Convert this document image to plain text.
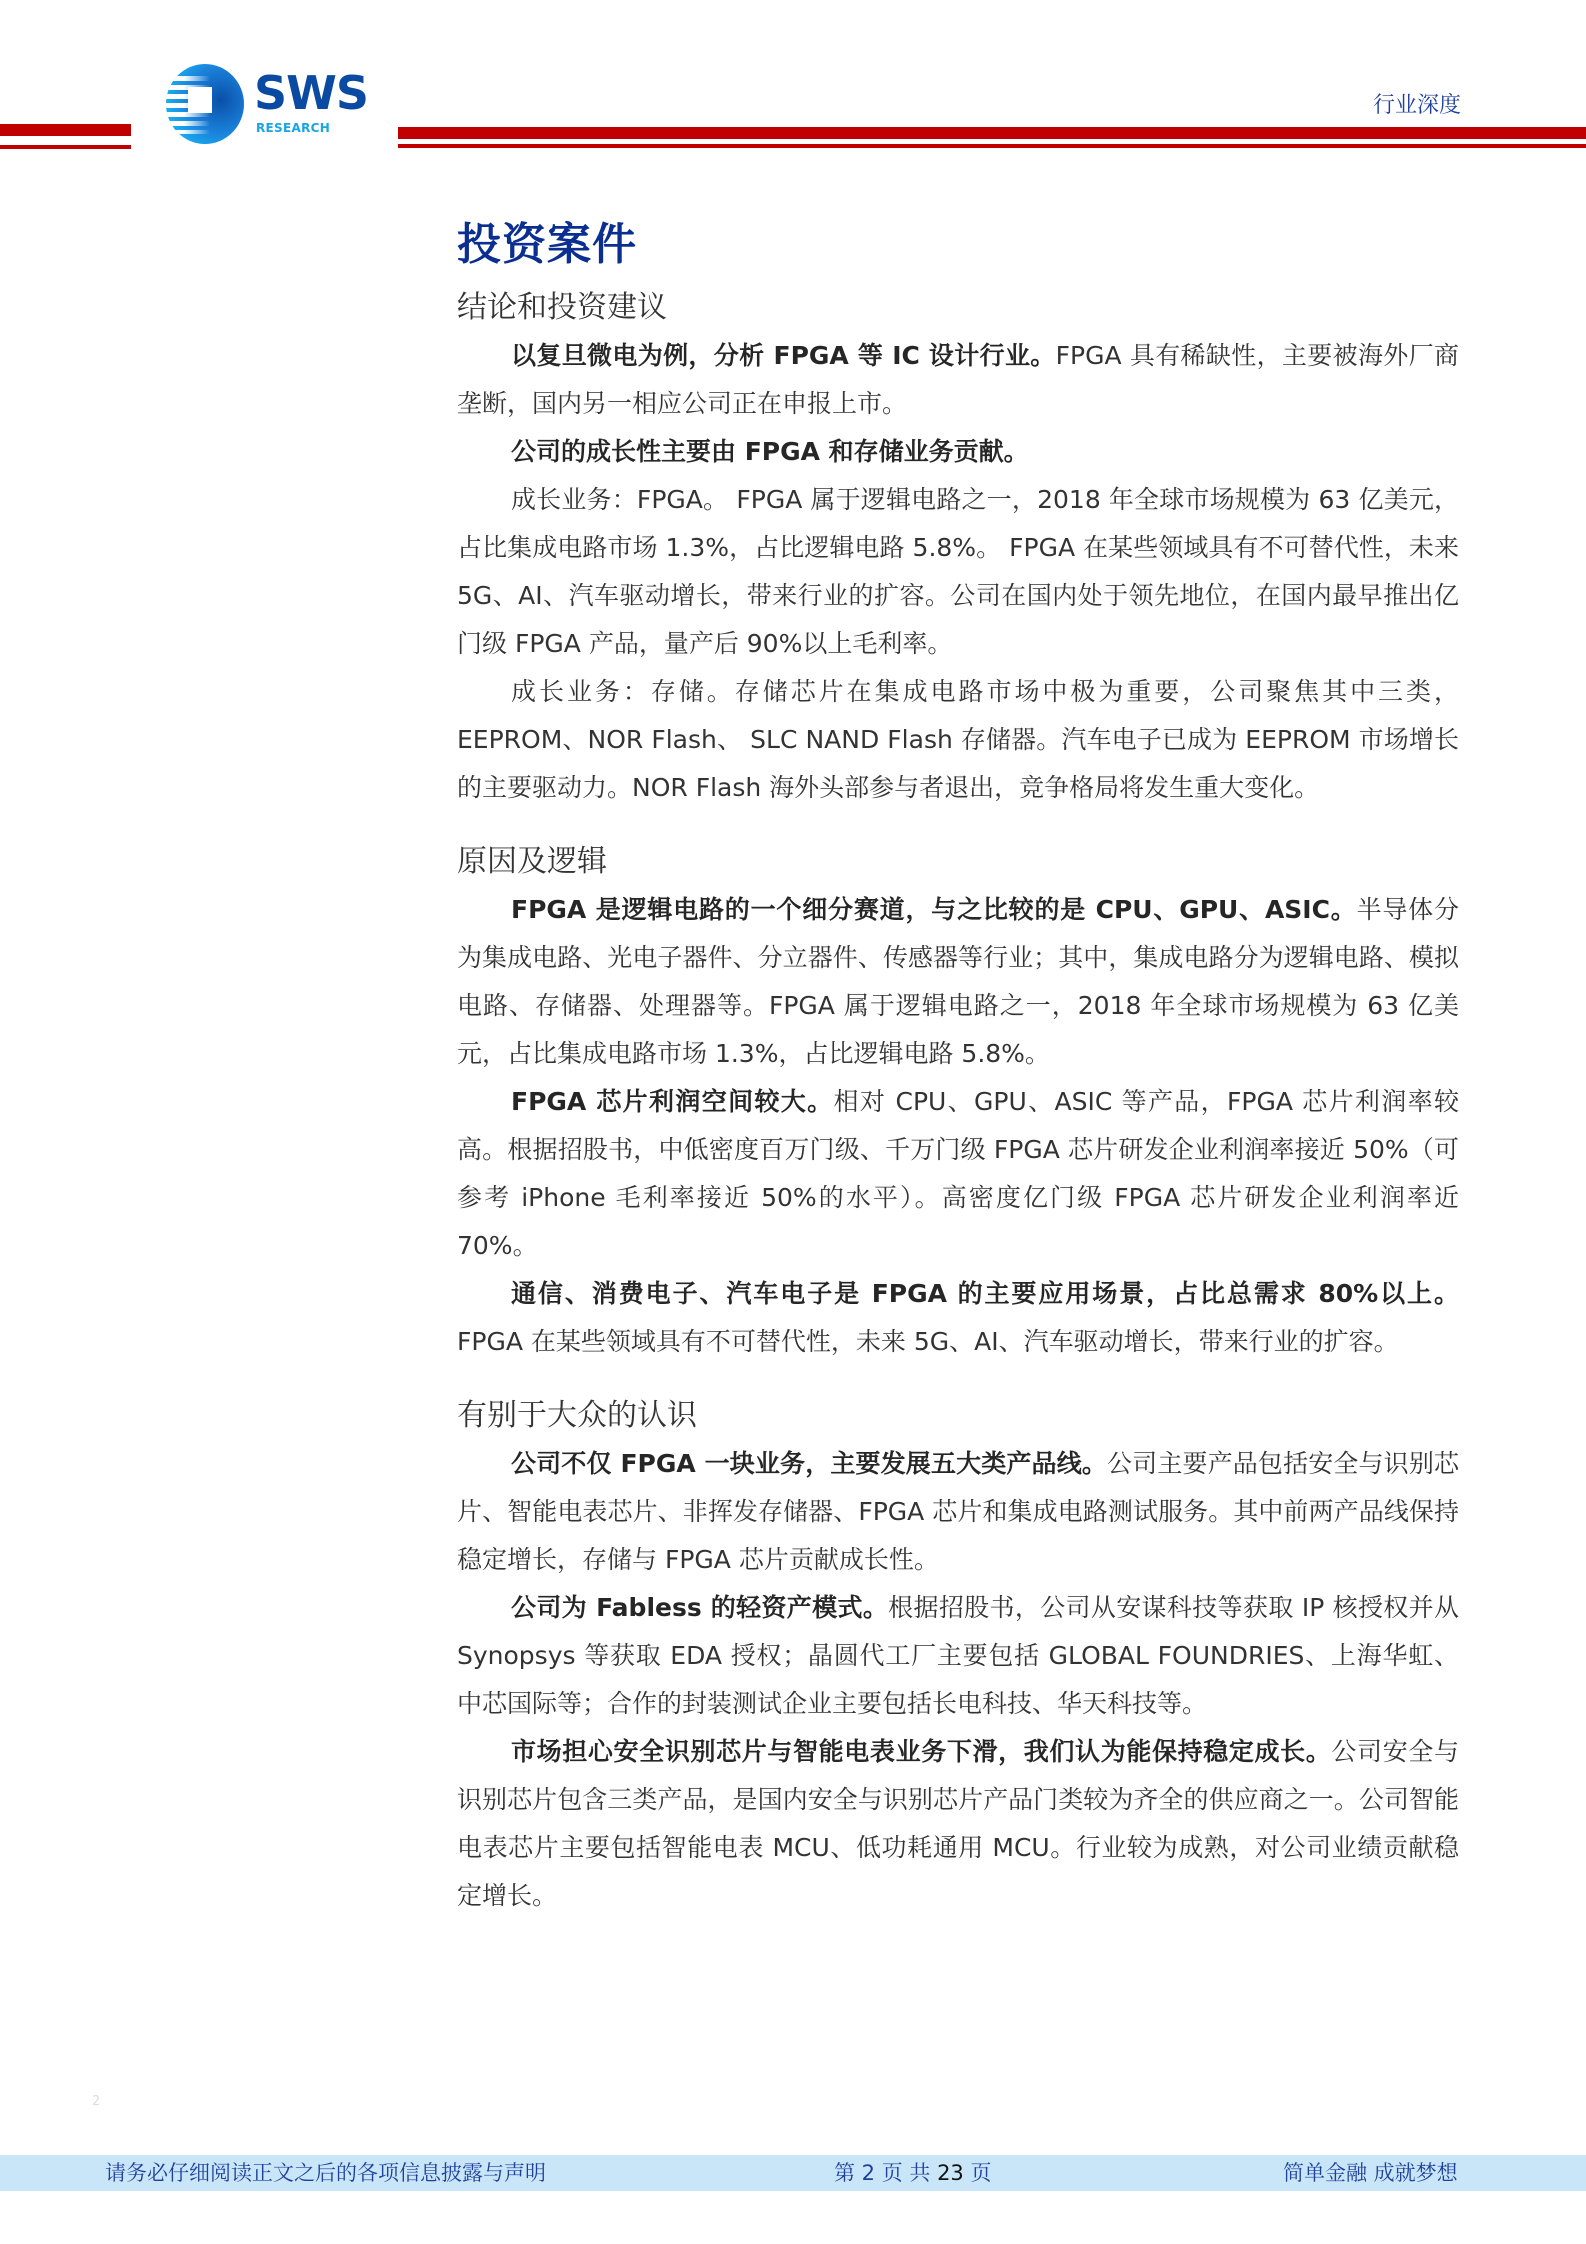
SWS
RESEARCH
行业深度
投资案件
结论和投资建议

以复旦微电为例，分析 FPGA 等 IC 设计行业。FPGA 具有稀缺性，主要被海外厂商垄断，国内另一相应公司正在申报上市。

公司的成长性主要由 FPGA 和存储业务贡献。

成长业务：FPGA。 FPGA 属于逻辑电路之一，2018 年全球市场规模为 63 亿美元，占比集成电路市场 1.3%，占比逻辑电路 5.8%。 FPGA 在某些领域具有不可替代性，未来 5G、AI、汽车驱动增长，带来行业的扩容。公司在国内处于领先地位，在国内最早推出亿门级 FPGA 产品，量产后 90%以上毛利率。

成长业务：存储。存储芯片在集成电路市场中极为重要，公司聚焦其中三类，EEPROM、NOR Flash、 SLC NAND Flash 存储器。汽车电子已成为 EEPROM 市场增长的主要驱动力。NOR Flash 海外头部参与者退出，竞争格局将发生重大变化。

原因及逻辑

FPGA 是逻辑电路的一个细分赛道，与之比较的是 CPU、GPU、ASIC。半导体分为集成电路、光电子器件、分立器件、传感器等行业；其中，集成电路分为逻辑电路、模拟电路、存储器、处理器等。FPGA 属于逻辑电路之一，2018 年全球市场规模为 63 亿美元，占比集成电路市场 1.3%，占比逻辑电路 5.8%。

FPGA 芯片利润空间较大。相对 CPU、GPU、ASIC 等产品，FPGA 芯片利润率较高。根据招股书，中低密度百万门级、千万门级 FPGA 芯片研发企业利润率接近 50%（可参考 iPhone 毛利率接近 50%的水平）。高密度亿门级 FPGA 芯片研发企业利润率近 70%。

通信、消费电子、汽车电子是 FPGA 的主要应用场景，占比总需求 80%以上。FPGA 在某些领域具有不可替代性，未来 5G、AI、汽车驱动增长，带来行业的扩容。

有别于大众的认识

公司不仅 FPGA 一块业务，主要发展五大类产品线。公司主要产品包括安全与识别芯片、智能电表芯片、非挥发存储器、FPGA 芯片和集成电路测试服务。其中前两产品线保持稳定增长，存储与 FPGA 芯片贡献成长性。

公司为 Fabless 的轻资产模式。根据招股书，公司从安谋科技等获取 IP 核授权并从 Synopsys 等获取 EDA 授权；晶圆代工厂主要包括 GLOBAL FOUNDRIES、上海华虹、中芯国际等；合作的封装测试企业主要包括长电科技、华天科技等。

市场担心安全识别芯片与智能电表业务下滑，我们认为能保持稳定成长。公司安全与识别芯片包含三类产品，是国内安全与识别芯片产品门类较为齐全的供应商之一。公司智能电表芯片主要包括智能电表 MCU、低功耗通用 MCU。行业较为成熟，对公司业绩贡献稳定增长。

2
请务必仔细阅读正文之后的各项信息披露与声明	第 2 页 共 23 页	简单金融 成就梦想
